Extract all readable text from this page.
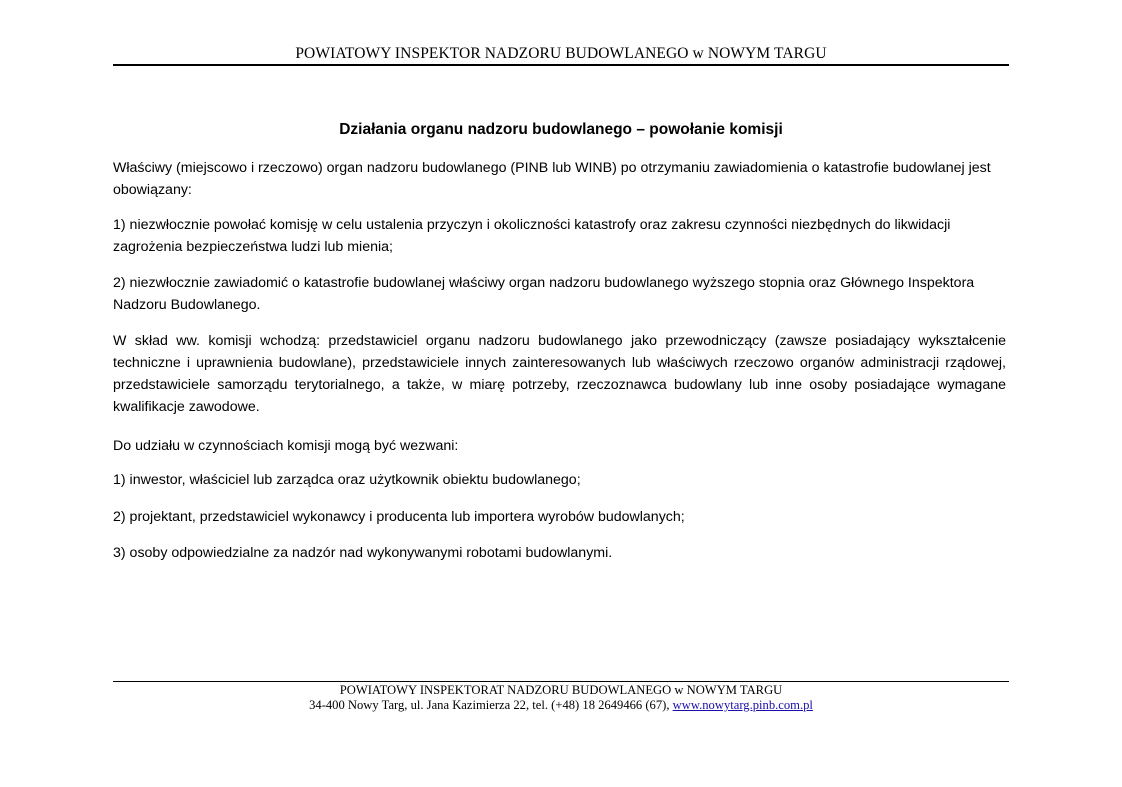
POWIATOWY INSPEKTOR NADZORU BUDOWLANEGO w NOWYM TARGU
Działania organu nadzoru budowlanego – powołanie komisji

Właściwy (miejscowo i rzeczowo) organ nadzoru budowlanego (PINB lub WINB) po otrzymaniu zawiadomienia o katastrofie budowlanej jest obowiązany:

1) niezwłocznie powołać komisję w celu ustalenia przyczyn i okoliczności katastrofy oraz zakresu czynności niezbędnych do likwidacji zagrożenia bezpieczeństwa ludzi lub mienia;

2) niezwłocznie zawiadomić o katastrofie budowlanej właściwy organ nadzoru budowlanego wyższego stopnia oraz Głównego Inspektora Nadzoru Budowlanego.

W skład ww. komisji wchodzą: przedstawiciel organu nadzoru budowlanego jako przewodniczący (zawsze posiadający wykształcenie techniczne i uprawnienia budowlane), przedstawiciele innych zainteresowanych lub właściwych rzeczowo organów administracji rządowej, przedstawiciele samorządu terytorialnego, a także, w miarę potrzeby, rzeczoznawca budowlany lub inne osoby posiadające wymagane kwalifikacje zawodowe.

Do udziału w czynnościach komisji mogą być wezwani:

1) inwestor, właściciel lub zarządca oraz użytkownik obiektu budowlanego;

2) projektant, przedstawiciel wykonawcy i producenta lub importera wyrobów budowlanych;

3) osoby odpowiedzialne za nadzór nad wykonywanymi robotami budowlanymi.

POWIATOWY INSPEKTORAT NADZORU BUDOWLANEGO w NOWYM TARGU
34-400 Nowy Targ, ul. Jana Kazimierza 22, tel. (+48) 18 2649466 (67), www.nowytarg.pinb.com.pl
